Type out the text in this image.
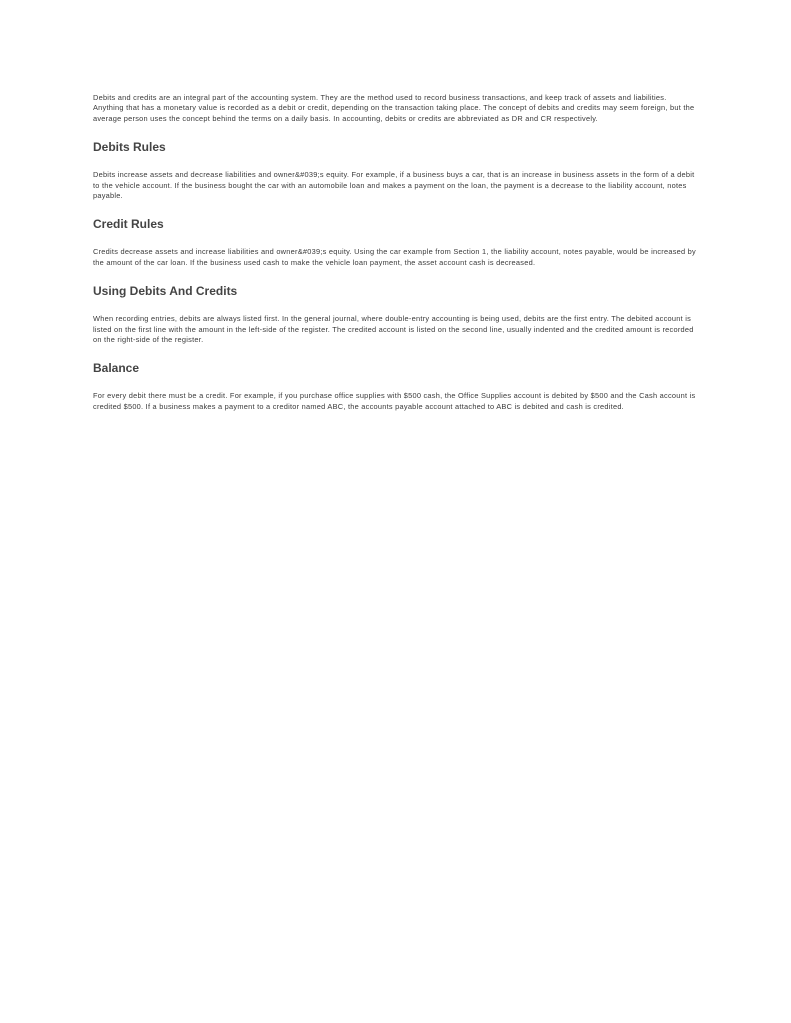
Debits and credits are an integral part of the accounting system. They are the method used to record business transactions, and keep track of assets and liabilities. Anything that has a monetary value is recorded as a debit or credit, depending on the transaction taking place. The concept of debits and credits may seem foreign, but the average person uses the concept behind the terms on a daily basis. In accounting, debits or credits are abbreviated as DR and CR respectively.

Debits Rules

Debits increase assets and decrease liabilities and owner&#039;s equity. For example, if a business buys a car, that is an increase in business assets in the form of a debit to the vehicle account. If the business bought the car with an automobile loan and makes a payment on the loan, the payment is a decrease to the liability account, notes payable.

Credit Rules

Credits decrease assets and increase liabilities and owner&#039;s equity. Using the car example from Section 1, the liability account, notes payable, would be increased by the amount of the car loan. If the business used cash to make the vehicle loan payment, the asset account cash is decreased.

Using Debits And Credits

When recording entries, debits are always listed first. In the general journal, where double-entry accounting is being used, debits are the first entry. The debited account is listed on the first line with the amount in the left-side of the register. The credited account is listed on the second line, usually indented and the credited amount is recorded on the right-side of the register.

Balance

For every debit there must be a credit. For example, if you purchase office supplies with $500 cash, the Office Supplies account is debited by $500 and the Cash account is credited $500. If a business makes a payment to a creditor named ABC, the accounts payable account attached to ABC is debited and cash is credited.
